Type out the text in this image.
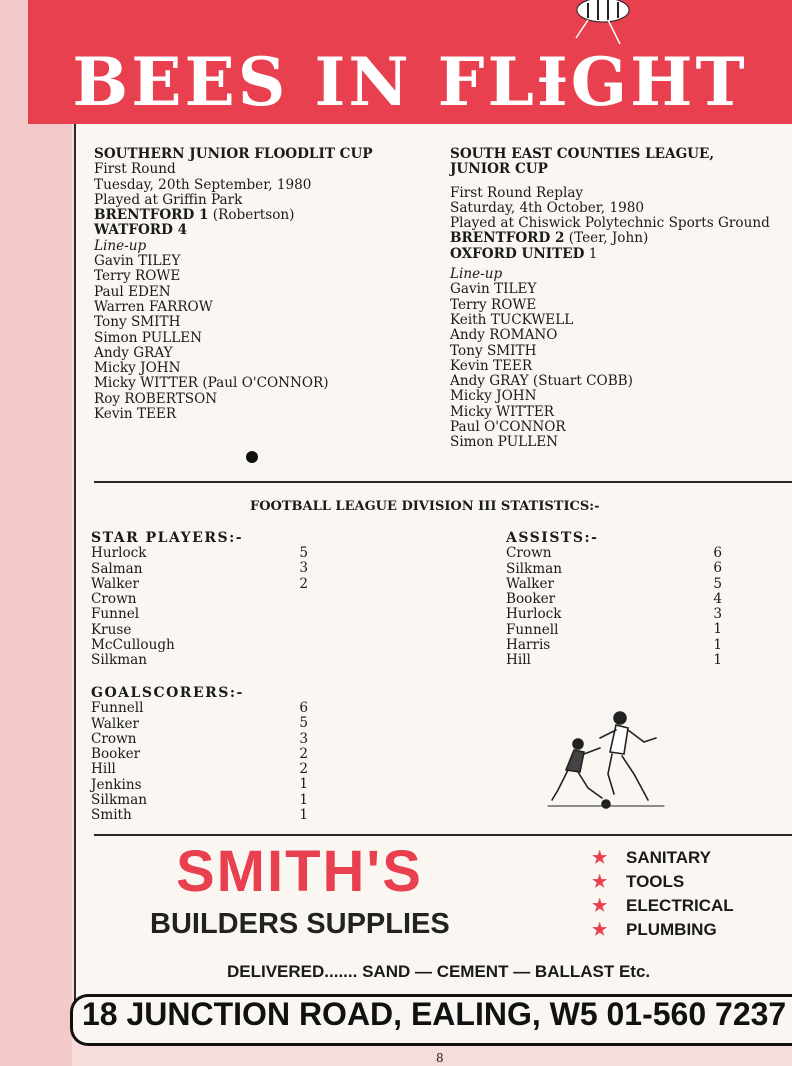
BEES IN FLƗGHT
SOUTHERN JUNIOR FLOODLIT CUP
First Round
Tuesday, 20th September, 1980
Played at Griffin Park
BRENTFORD 1 (Robertson)
WATFORD 4
Line-up
Gavin TILEY
Terry ROWE
Paul EDEN
Warren FARROW
Tony SMITH
Simon PULLEN
Andy GRAY
Micky JOHN
Micky WITTER (Paul O'CONNOR)
Roy ROBERTSON
Kevin TEER
SOUTH EAST COUNTIES LEAGUE,
JUNIOR CUP
First Round Replay
Saturday, 4th October, 1980
Played at Chiswick Polytechnic Sports Ground
BRENTFORD 2 (Teer, John)
OXFORD UNITED 1
Line-up
Gavin TILEY
Terry ROWE
Keith TUCKWELL
Andy ROMANO
Tony SMITH
Kevin TEER
Andy GRAY (Stuart COBB)
Micky JOHN
Micky WITTER
Paul O'CONNOR
Simon PULLEN
FOOTBALL LEAGUE DIVISION III STATISTICS:-
STAR PLAYERS:-
Hurlock
Salman
Walker
Crown
Funnel
Kruse
McCullough
Silkman
5
3
2
GOALSCORERS:-
Funnell
Walker
Crown
Booker
Hill
Jenkins
Silkman
Smith
6
5
3
2
2
1
1
1
ASSISTS:-
Crown
Silkman
Walker
Booker
Hurlock
Funnell
Harris
Hill
6
6
5
4
3
1
1
1
SMITH'S
BUILDERS SUPPLIES
★ SANITARY
★ TOOLS
★ ELECTRICAL
★ PLUMBING
DELIVERED....... SAND — CEMENT — BALLAST Etc.
18 JUNCTION ROAD, EALING, W5 01-560 7237
8
